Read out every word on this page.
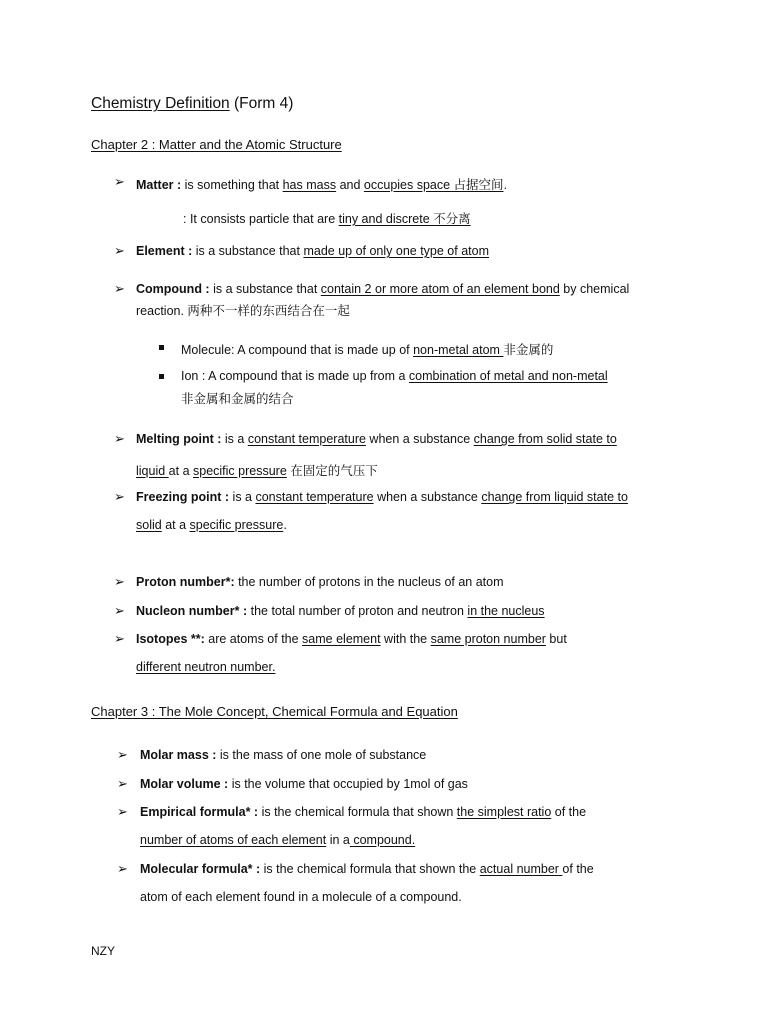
Chemistry Definition (Form 4)
Chapter 2 : Matter and the Atomic Structure
➢ Matter : is something that has mass and occupies space 占据空间.
: It consists particle that are tiny and discrete 不分离
➢ Element : is a substance that made up of only one type of atom
➢ Compound : is a substance that contain 2 or more atom of an element bond by chemical
reaction. 两种不一样的东西结合在一起
Molecule: A compound that is made up of non-metal atom 非金属的
Ion : A compound that is made up from a combination of metal and non-metal
非金属和金属的结合
➢ Melting point : is a constant temperature when a substance change from solid state to
liquid at a specific pressure 在固定的气压下
➢ Freezing point : is a constant temperature when a substance change from liquid state to
solid at a specific pressure.
➢ Proton number*: the number of protons in the nucleus of an atom
➢ Nucleon number* : the total number of proton and neutron in the nucleus
➢ Isotopes **: are atoms of the same element with the same proton number but
different neutron number.
Chapter 3 : The Mole Concept, Chemical Formula and Equation
➢ Molar mass : is the mass of one mole of substance
➢ Molar volume : is the volume that occupied by 1mol of gas
➢ Empirical formula* : is the chemical formula that shown the simplest ratio of the
number of atoms of each element in a compound.
➢ Molecular formula* : is the chemical formula that shown the actual number of the
atom of each element found in a molecule of a compound.
NZY
